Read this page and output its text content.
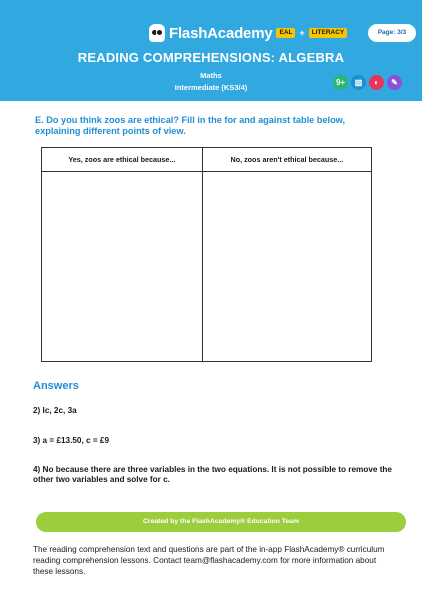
FlashAcademy	EAL +	LITERACY	Page: 3/3
READING COMPREHENSIONS: ALGEBRA
Maths
Intermediate (KS3/4)
9+	▥	◐	✎
E. Do you think zoos are ethical? Fill in the for and against table below, explaining different points of view.
Yes, zoos are ethical because...	No, zoos aren't ethical because...

Answers
2) Ic, 2c, 3a
3) a = £13.50, c = £9
4) No because there are three variables in the two equations. It is not possible to remove the other two variables and solve for c.
Created by the FlashAcademy® Education Team
The reading comprehension text and questions are part of the in-app FlashAcademy® curriculum reading comprehension lessons. Contact team@flashacademy.com for more information about these lessons.
